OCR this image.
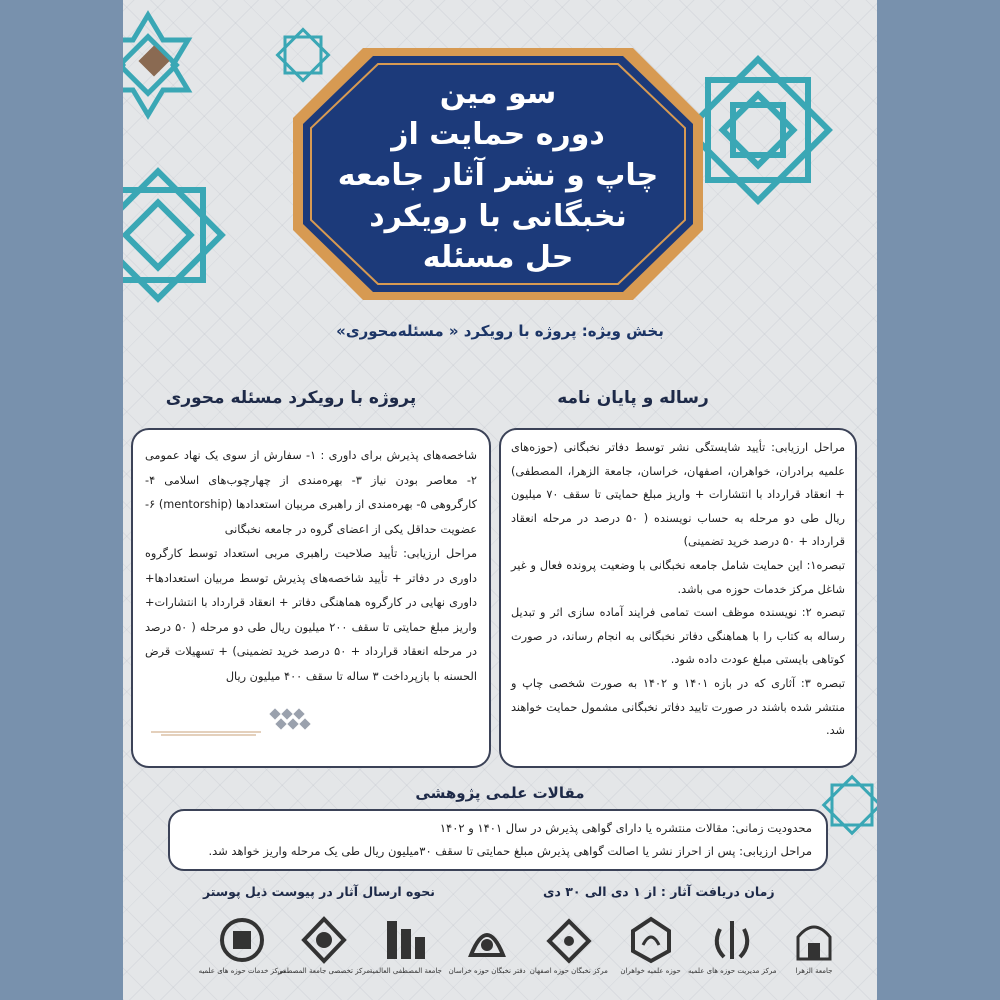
سو مین
دوره حمایت از
چاپ و نشر آثار جامعه
نخبگانی با رویکرد
حل مسئله
بخش ویژه: پروژه با رویکرد « مسئله‌محوری»
پروژه با رویکرد مسئله محوری	رساله و پایان نامه

شاخصه‌های پذیرش برای داوری : ۱- سفارش از سوی یک نهاد عمومی ۲- معاصر بودن نیاز ۳- بهره‌مندی از چهارچوب‌های اسلامی ۴- کارگروهی ۵- بهره‌مندی از راهبری مربیان استعدادها (mentorship) ۶-عضویت حداقل یکی از اعضای گروه در جامعه نخبگانی

مراحل ارزیابی: تأیید صلاحیت راهبری مربی استعداد توسط کارگروه داوری در دفاتر + تأیید شاخصه‌های پذیرش توسط مربیان استعدادها+ داوری نهایی در کارگروه هماهنگی دفاتر + انعقاد قرارداد با انتشارات+ واریز مبلغ حمایتی تا سقف ۲۰۰ میلیون ریال طی دو مرحله ( ۵۰ درصد در مرحله انعقاد قرارداد + ۵۰ درصد خرید تضمینی) + تسهیلات قرض الحسنه با بازپرداخت ۳ ساله تا سقف ۴۰۰ میلیون ریال

مراحل ارزیابی: تأیید شایستگی نشر توسط دفاتر نخبگانی (حوزه‌های علمیه برادران، خواهران، اصفهان، خراسان، جامعة الزهرا، المصطفی) + انعقاد قرارداد با انتشارات + واریز مبلغ حمایتی تا سقف ۷۰ میلیون ریال طی دو مرحله به حساب نویسنده ( ۵۰ درصد در مرحله انعقاد قرارداد + ۵۰ درصد خرید تضمینی)

تبصره۱: این حمایت شامل جامعه نخبگانی با وضعیت پرونده فعال و غیر شاغل مرکز خدمات حوزه می باشد.

تبصره ۲: نویسنده موظف است تمامی فرایند آماده سازی اثر و تبدیل رساله به کتاب را با هماهنگی دفاتر نخبگانی به انجام رساند، در صورت کوتاهی بایستی مبلغ عودت داده شود.

تبصره ۳: آثاری که در بازه ۱۴۰۱ و ۱۴۰۲ به صورت شخصی چاپ و منتشر شده باشند در صورت تایید دفاتر نخبگانی مشمول حمایت خواهند شد.

مقالات علمی پژوهشی

محدودیت زمانی: مقالات منتشره یا دارای گواهی پذیرش در سال ۱۴۰۱ و ۱۴۰۲

مراحل ارزیابی: پس از احراز نشر یا اصالت گواهی پذیرش مبلغ حمایتی تا سقف ۳۰میلیون ریال طی یک مرحله واریز خواهد شد.

نحوه ارسال آثار در پیوست ذیل پوستر	زمان دریافت آثار : از ۱ دی الی ۳۰ دی
مرکز خدمات حوزه های علمیه
مرکز تخصصی جامعة المصطفی جامعة المصطفی العالمیة دفتر نخبگان حوزه خراسان مرکز نخبگان حوزه اصفهان حوزه علمیه خواهران مرکز مدیریت حوزه های علمیه	جامعة الزهرا
